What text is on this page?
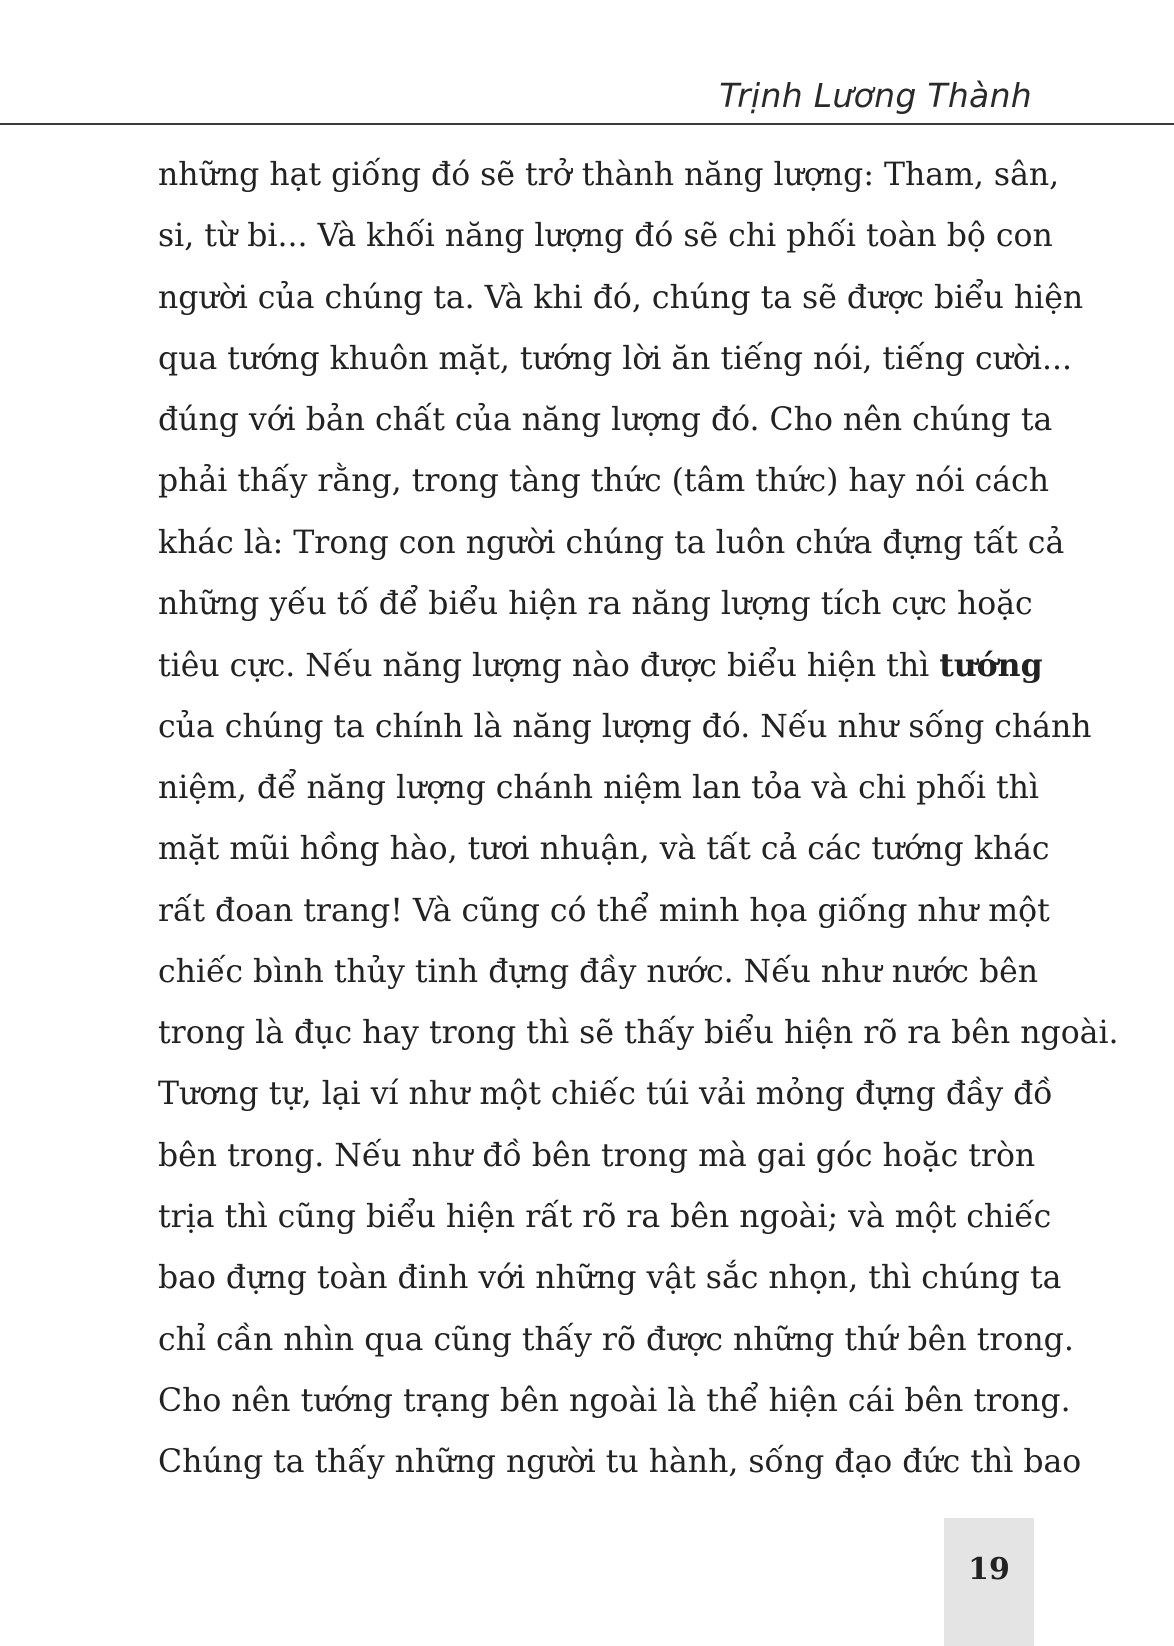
Trịnh Lương Thành
những hạt giống đó sẽ trở thành năng lượng: Tham, sân,
si, từ bi... Và khối năng lượng đó sẽ chi phối toàn bộ con
người của chúng ta. Và khi đó, chúng ta sẽ được biểu hiện
qua tướng khuôn mặt, tướng lời ăn tiếng nói, tiếng cười...
đúng với bản chất của năng lượng đó. Cho nên chúng ta
phải thấy rằng, trong tàng thức (tâm thức) hay nói cách
khác là: Trong con người chúng ta luôn chứa đựng tất cả
những yếu tố để biểu hiện ra năng lượng tích cực hoặc
tiêu cực. Nếu năng lượng nào được biểu hiện thì tướng
của chúng ta chính là năng lượng đó. Nếu như sống chánh
niệm, để năng lượng chánh niệm lan tỏa và chi phối thì
mặt mũi hồng hào, tươi nhuận, và tất cả các tướng khác
rất đoan trang! Và cũng có thể minh họa giống như một
chiếc bình thủy tinh đựng đầy nước. Nếu như nước bên
trong là đục hay trong thì sẽ thấy biểu hiện rõ ra bên ngoài.
Tương tự, lại ví như một chiếc túi vải mỏng đựng đầy đồ
bên trong. Nếu như đồ bên trong mà gai góc hoặc tròn
trịa thì cũng biểu hiện rất rõ ra bên ngoài; và một chiếc
bao đựng toàn đinh với những vật sắc nhọn, thì chúng ta
chỉ cần nhìn qua cũng thấy rõ được những thứ bên trong.
Cho nên tướng trạng bên ngoài là thể hiện cái bên trong.
Chúng ta thấy những người tu hành, sống đạo đức thì bao
19
